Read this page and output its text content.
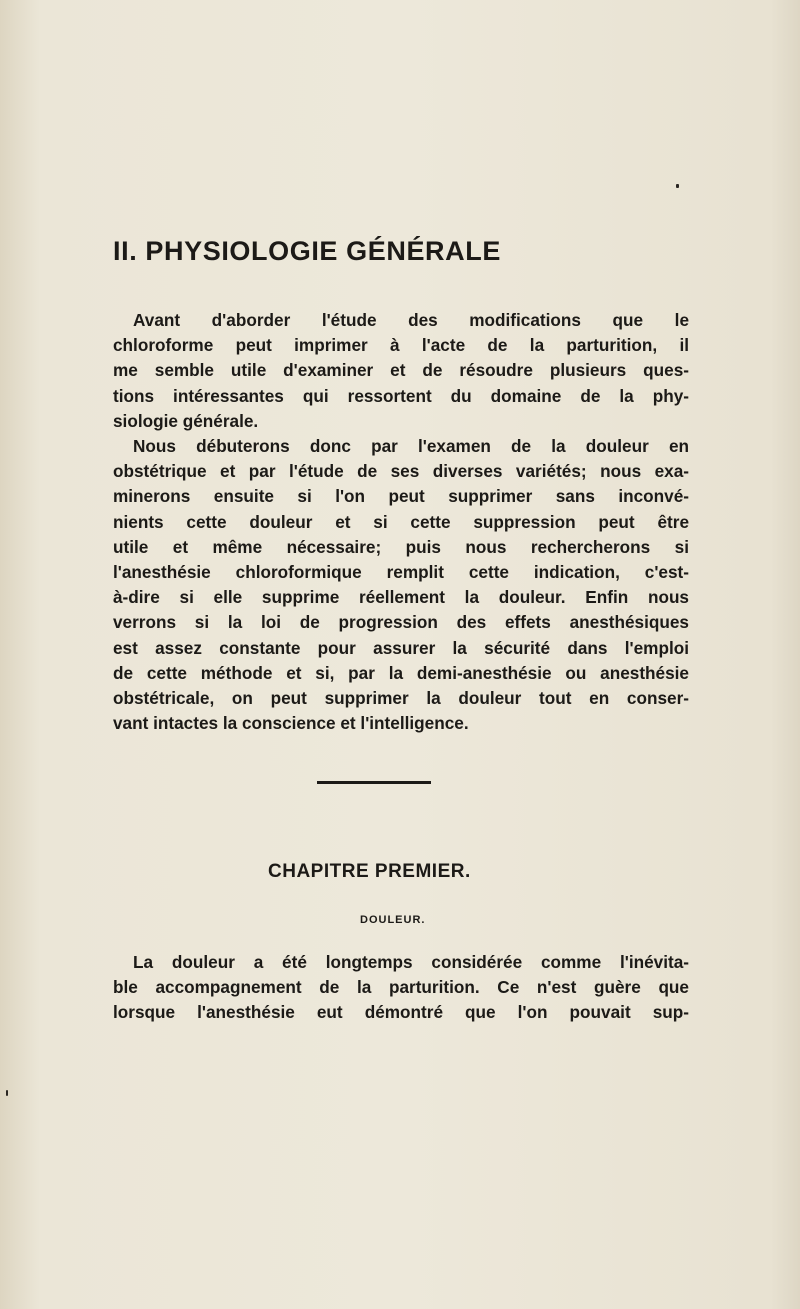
II. PHYSIOLOGIE GÉNÉRALE

Avant d'aborder l'étude des modifications que le
chloroforme peut imprimer à l'acte de la parturition, il
me semble utile d'examiner et de résoudre plusieurs ques-
tions intéressantes qui ressortent du domaine de la phy-
siologie générale.

Nous débuterons donc par l'examen de la douleur en
obstétrique et par l'étude de ses diverses variétés; nous exa-
minerons ensuite si l'on peut supprimer sans inconvé-
nients cette douleur et si cette suppression peut être
utile et même nécessaire; puis nous rechercherons si
l'anesthésie chloroformique remplit cette indication, c'est-
à-dire si elle supprime réellement la douleur. Enfin nous
verrons si la loi de progression des effets anesthésiques
est assez constante pour assurer la sécurité dans l'emploi
de cette méthode et si, par la demi-anesthésie ou anesthésie
obstétricale, on peut supprimer la douleur tout en conser-
vant intactes la conscience et l'intelligence.

CHAPITRE PREMIER.
DOULEUR.

La douleur a été longtemps considérée comme l'inévita-
ble accompagnement de la parturition. Ce n'est guère que
lorsque l'anesthésie eut démontré que l'on pouvait sup-
